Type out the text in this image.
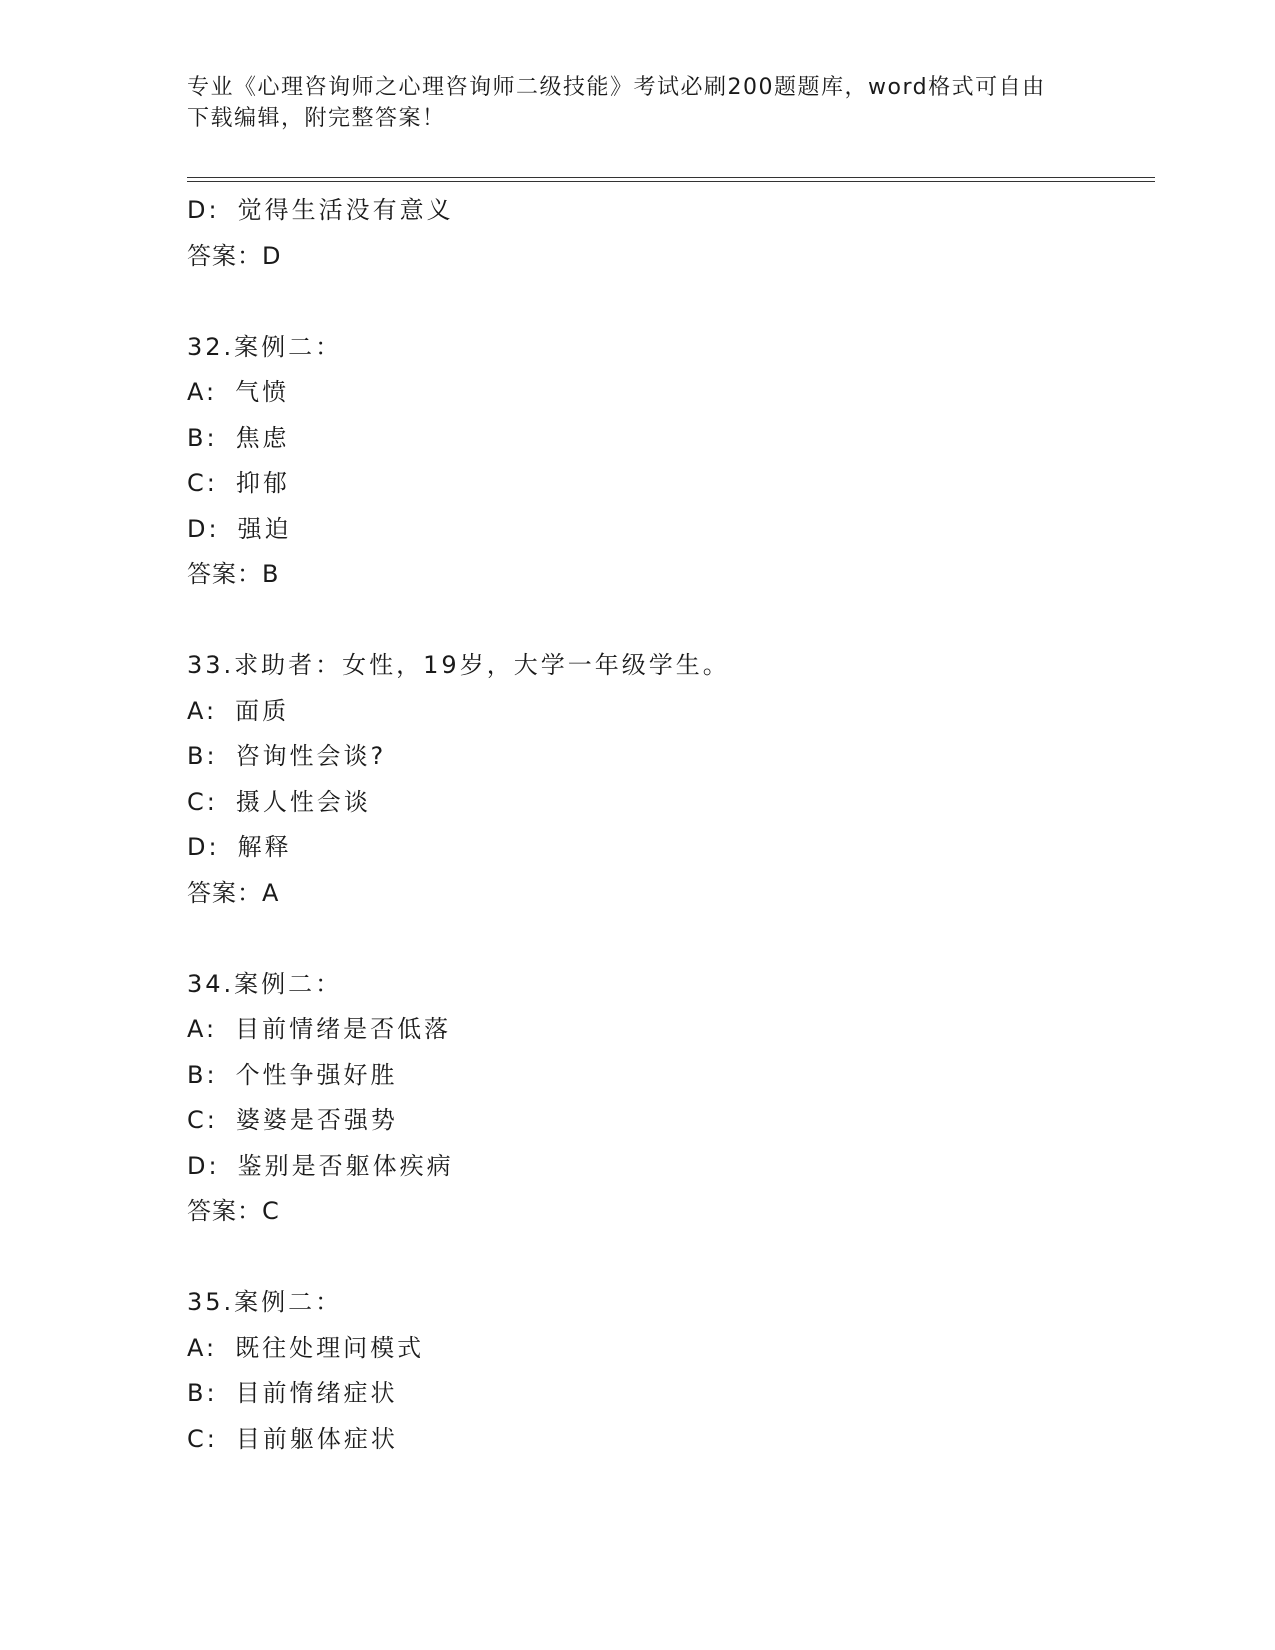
专业《心理咨询师之心理咨询师二级技能》考试必刷200题题库，word格式可自由下载编辑，附完整答案！
D: 觉得生活没有意义
答案：D
32.案例二：
A: 气愤
B: 焦虑
C: 抑郁
D: 强迫
答案：B
33.求助者：女性，19岁，大学一年级学生。
A: 面质
B: 咨询性会谈?
C: 摄人性会谈
D: 解释
答案：A
34.案例二：
A: 目前情绪是否低落
B: 个性争强好胜
C: 婆婆是否强势
D: 鉴别是否躯体疾病
答案：C
35.案例二：
A: 既往处理问模式
B: 目前惰绪症状
C: 目前躯体症状
